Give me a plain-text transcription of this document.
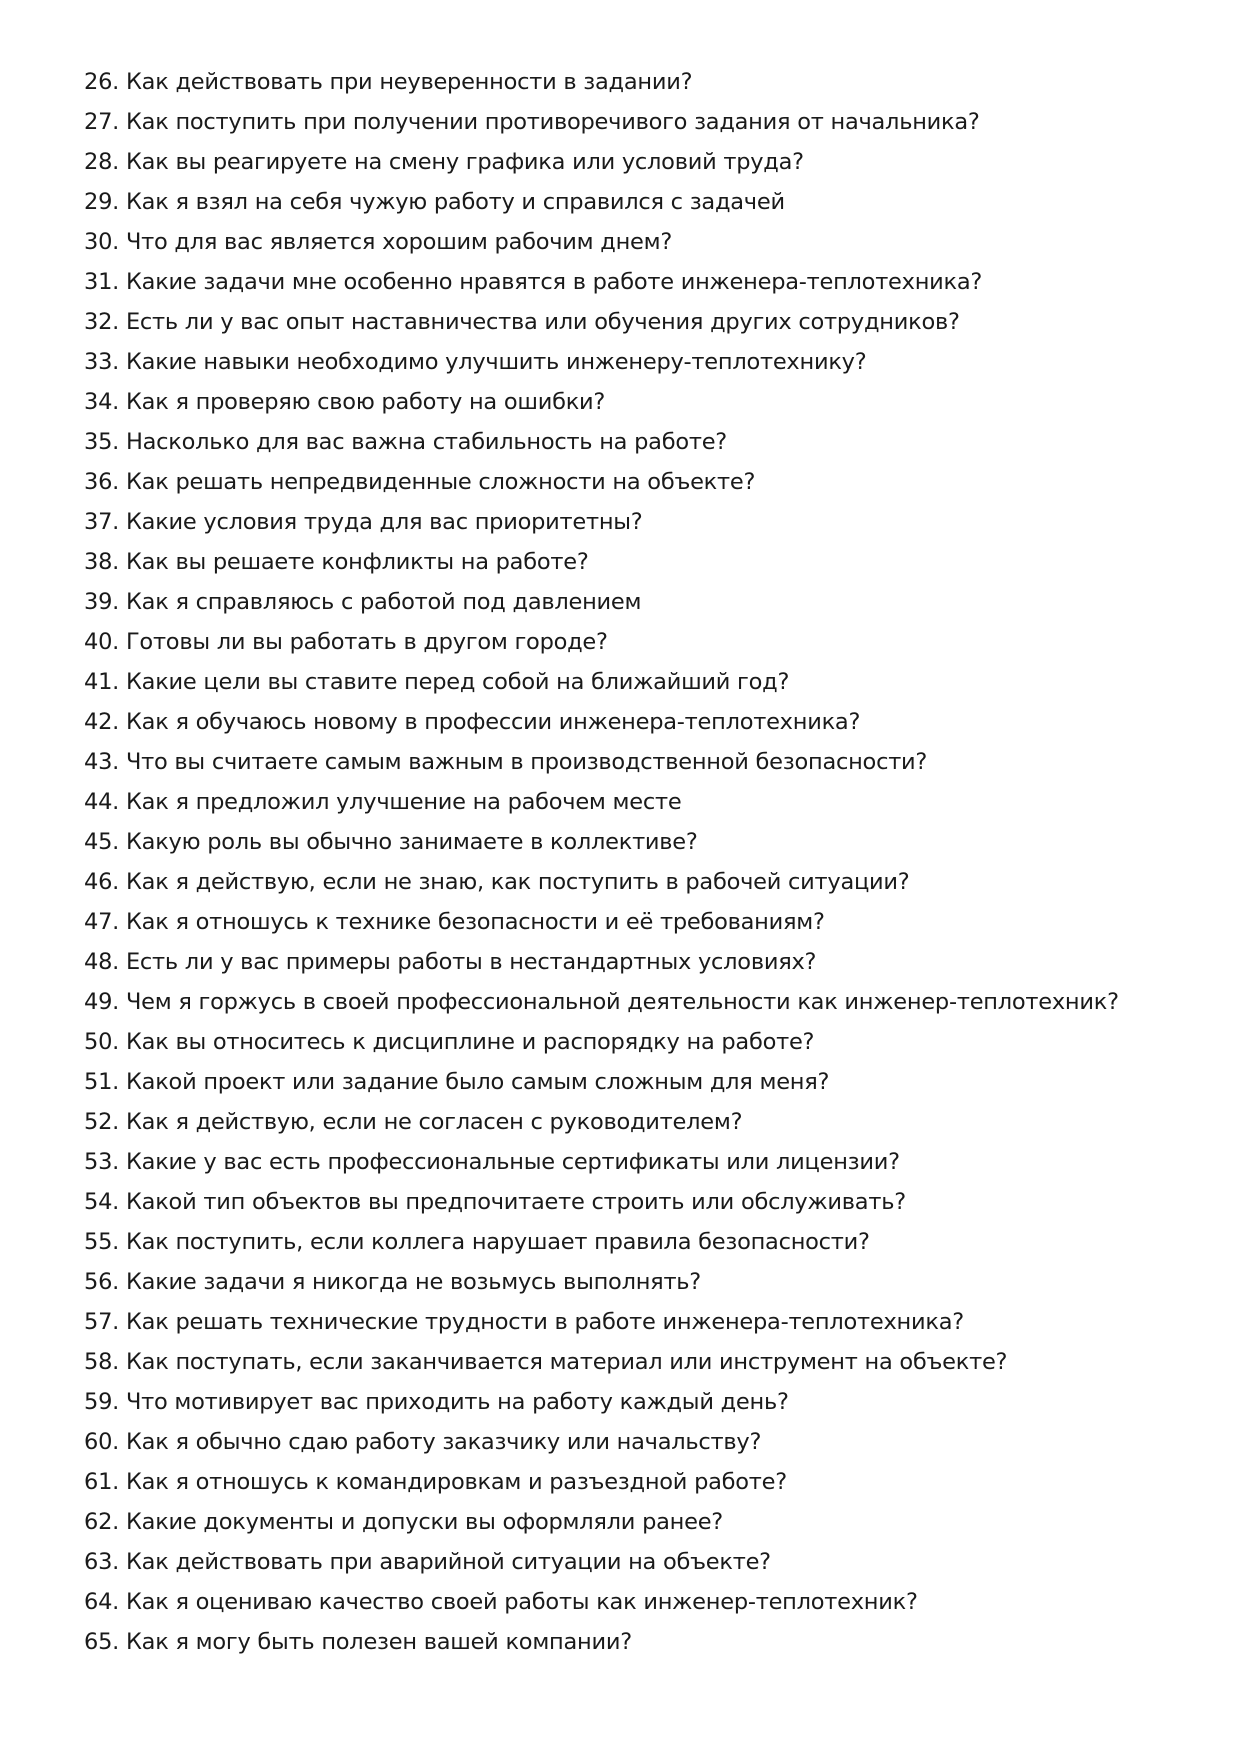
26. Как действовать при неуверенности в задании?
27. Как поступить при получении противоречивого задания от начальника?
28. Как вы реагируете на смену графика или условий труда?
29. Как я взял на себя чужую работу и справился с задачей
30. Что для вас является хорошим рабочим днем?
31. Какие задачи мне особенно нравятся в работе инженера-теплотехника?
32. Есть ли у вас опыт наставничества или обучения других сотрудников?
33. Какие навыки необходимо улучшить инженеру-теплотехнику?
34. Как я проверяю свою работу на ошибки?
35. Насколько для вас важна стабильность на работе?
36. Как решать непредвиденные сложности на объекте?
37. Какие условия труда для вас приоритетны?
38. Как вы решаете конфликты на работе?
39. Как я справляюсь с работой под давлением
40. Готовы ли вы работать в другом городе?
41. Какие цели вы ставите перед собой на ближайший год?
42. Как я обучаюсь новому в профессии инженера-теплотехника?
43. Что вы считаете самым важным в производственной безопасности?
44. Как я предложил улучшение на рабочем месте
45. Какую роль вы обычно занимаете в коллективе?
46. Как я действую, если не знаю, как поступить в рабочей ситуации?
47. Как я отношусь к технике безопасности и её требованиям?
48. Есть ли у вас примеры работы в нестандартных условиях?
49. Чем я горжусь в своей профессиональной деятельности как инженер-теплотехник?
50. Как вы относитесь к дисциплине и распорядку на работе?
51. Какой проект или задание было самым сложным для меня?
52. Как я действую, если не согласен с руководителем?
53. Какие у вас есть профессиональные сертификаты или лицензии?
54. Какой тип объектов вы предпочитаете строить или обслуживать?
55. Как поступить, если коллега нарушает правила безопасности?
56. Какие задачи я никогда не возьмусь выполнять?
57. Как решать технические трудности в работе инженера-теплотехника?
58. Как поступать, если заканчивается материал или инструмент на объекте?
59. Что мотивирует вас приходить на работу каждый день?
60. Как я обычно сдаю работу заказчику или начальству?
61. Как я отношусь к командировкам и разъездной работе?
62. Какие документы и допуски вы оформляли ранее?
63. Как действовать при аварийной ситуации на объекте?
64. Как я оцениваю качество своей работы как инженер-теплотехник?
65. Как я могу быть полезен вашей компании?
